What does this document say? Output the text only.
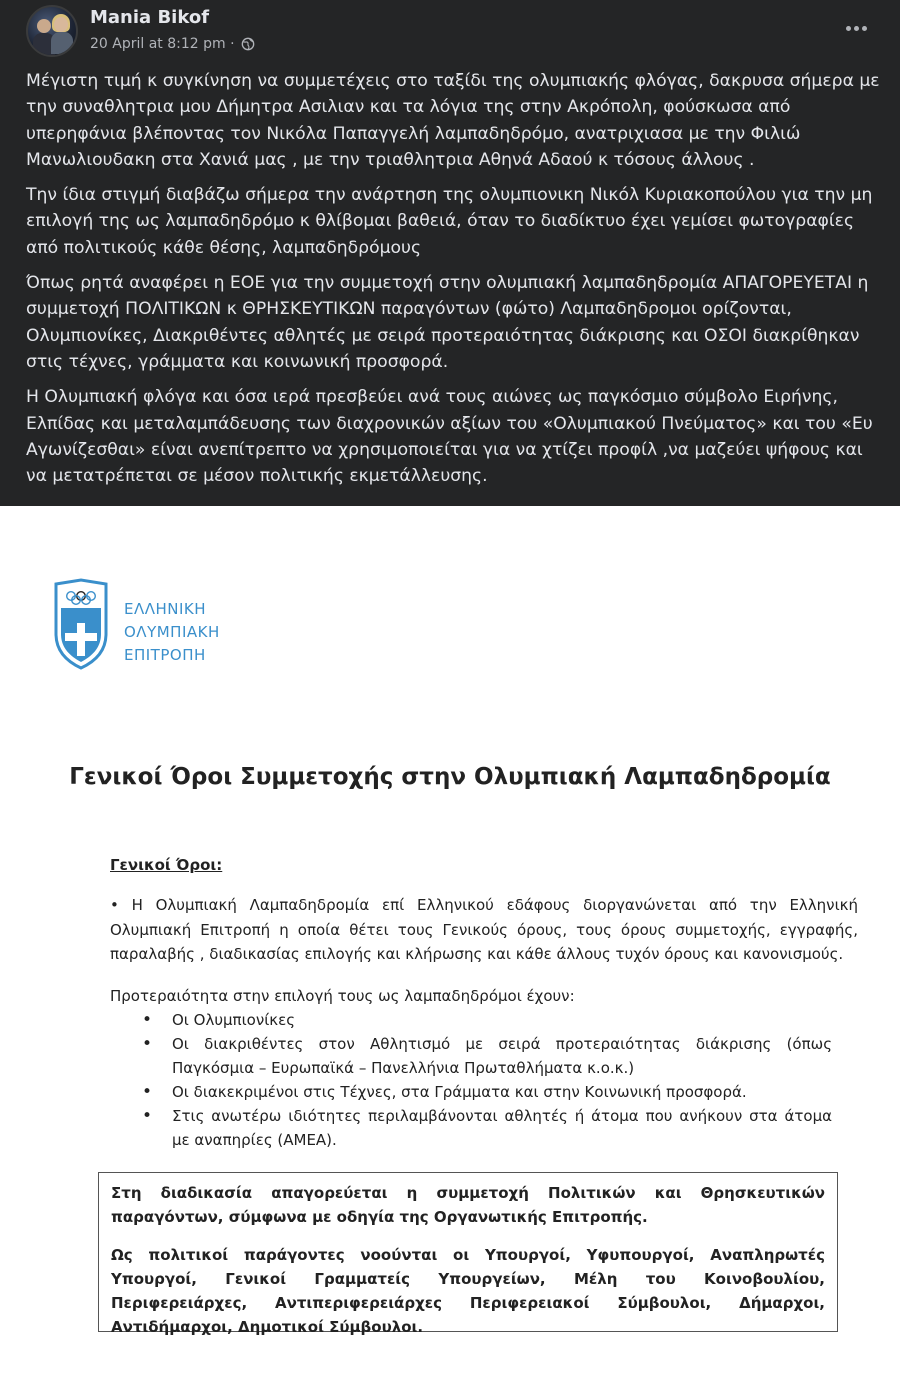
Mania Bikof
20 April at 8:12 pm ·

Μέγιστη τιμή κ συγκίνηση να συμμετέχεις στο ταξίδι της ολυμπιακής φλόγας, δακρυσα σήμερα με την συναθλητρια μου Δήμητρα Ασιλιαν και τα λόγια της στην Ακρόπολη, φούσκωσα από υπερηφάνια βλέποντας τον Νικόλα Παπαγγελή λαμπαδηδρόμο, ανατριχιασα με την Φιλιώ Μανωλιουδακη στα Χανιά μας , με την τριαθλητρια Αθηνά Αδαού κ τόσους άλλους .

Την ίδια στιγμή διαβάζω σήμερα την ανάρτηση της ολυμπιονικη Νικόλ Κυριακοπούλου για την μη επιλογή της ως λαμπαδηδρόμο κ θλίβομαι βαθειά, όταν το διαδίκτυο έχει γεμίσει φωτογραφίες από πολιτικούς κάθε θέσης, λαμπαδηδρόμους

Όπως ρητά αναφέρει η ΕΟΕ για την συμμετοχή στην ολυμπιακή λαμπαδηδρομία ΑΠΑΓΟΡΕΥΕΤΑΙ η συμμετοχή ΠΟΛΙΤΙΚΩΝ κ ΘΡΗΣΚΕΥΤΙΚΩΝ παραγόντων (φώτο) Λαμπαδηδρομοι ορίζονται, Ολυμπιονίκες, Διακριθέντες αθλητές με σειρά προτεραιότητας διάκρισης και ΟΣΟΙ διακρίθηκαν στις τέχνες, γράμματα και κοινωνική προσφορά.

Η Ολυμπιακή φλόγα και όσα ιερά πρεσβεύει ανά τους αιώνες ως παγκόσμιο σύμβολο Ειρήνης, Ελπίδας και μεταλαμπάδευσης των διαχρονικών αξίων του «Ολυμπιακού Πνεύματος» και του «Ευ Αγωνίζεσθαι» είναι ανεπίτρεπτο να χρησιμοποιείται για να χτίζει προφίλ ,να μαζεύει ψήφους και να μετατρέπεται σε μέσον πολιτικής εκμετάλλευσης.

ΕΛΛΗΝΙΚΗ
ΟΛΥΜΠΙΑΚΗ
ΕΠΙΤΡΟΠΗ
Γενικοί Όροι Συμμετοχής στην Ολυμπιακή Λαμπαδηδρομία
Γενικοί Όροι:

• Η Ολυμπιακή Λαμπαδηδρομία επί Ελληνικού εδάφους διοργανώνεται από την Ελληνική Ολυμπιακή Επιτροπή η οποία θέτει τους Γενικούς όρους, τους όρους συμμετοχής, εγγραφής, παραλαβής , διαδικασίας επιλογής και κλήρωσης και κάθε άλλους τυχόν όρους και κανονισμούς.

Προτεραιότητα στην επιλογή τους ως λαμπαδηδρόμοι έχουν:

• Οι Ολυμπιονίκες
• Οι διακριθέντες στον Αθλητισμό με σειρά προτεραιότητας διάκρισης (όπως Παγκόσμια – Ευρωπαϊκά – Πανελλήνια Πρωταθλήματα κ.ο.κ.)
• Οι διακεκριμένοι στις Τέχνες, στα Γράμματα και στην Κοινωνική προσφορά.
• Στις ανωτέρω ιδιότητες περιλαμβάνονται αθλητές ή άτομα που ανήκουν στα άτομα με αναπηρίες (ΑΜΕΑ).

Στη διαδικασία απαγορεύεται η συμμετοχή Πολιτικών και Θρησκευτικών παραγόντων, σύμφωνα με οδηγία της Οργανωτικής Επιτροπής.

Ως πολιτικοί παράγοντες νοούνται οι Υπουργοί, Υφυπουργοί, Αναπληρωτές Υπουργοί, Γενικοί Γραμματείς Υπουργείων, Μέλη του Κοινοβουλίου, Περιφερειάρχες, Αντιπεριφερειάρχες Περιφερειακοί Σύμβουλοι, Δήμαρχοι, Αντιδήμαρχοι, Δημοτικοί Σύμβουλοι.
